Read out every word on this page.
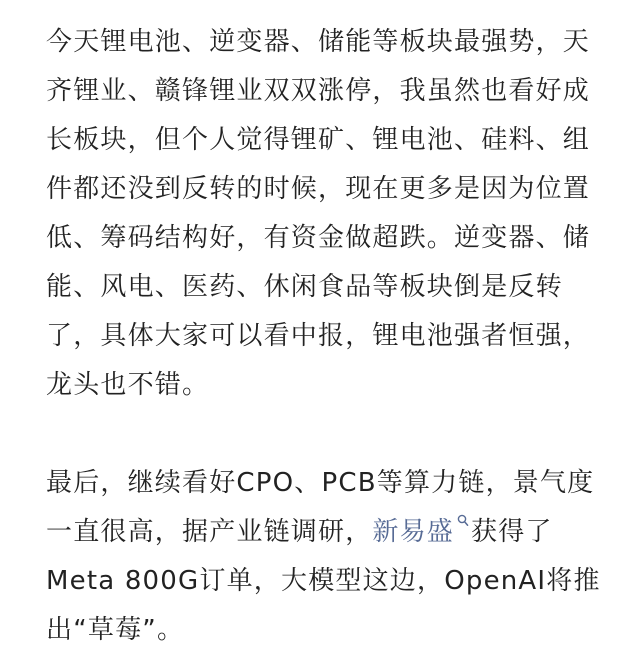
今天锂电池、逆变器、储能等板块最强势，天
齐锂业、赣锋锂业双双涨停，我虽然也看好成
长板块，但个人觉得锂矿、锂电池、硅料、组
件都还没到反转的时候，现在更多是因为位置
低、筹码结构好，有资金做超跌。逆变器、储
能、风电、医药、休闲食品等板块倒是反转
了，具体大家可以看中报，锂电池强者恒强，
龙头也不错。

最后，继续看好CPO、PCB等算力链，景气度
一直很高，据产业链调研，新易盛 获得了
Meta 800G订单，大模型这边，OpenAI将推
出“草莓”。
